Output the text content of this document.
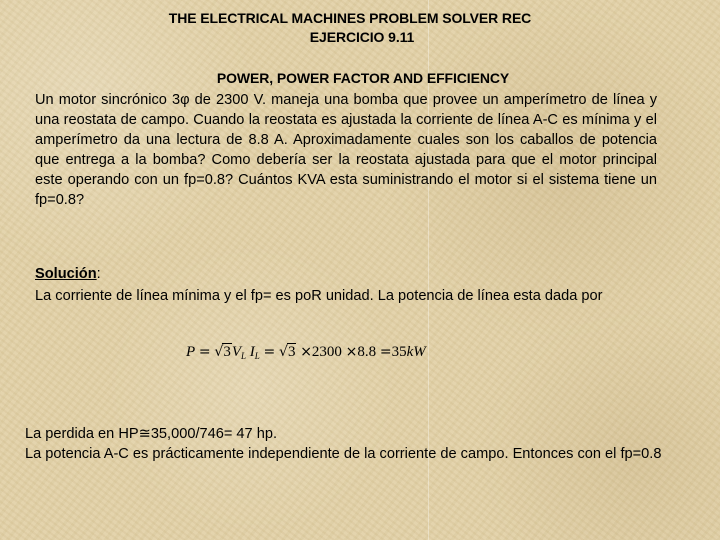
THE ELECTRICAL MACHINES PROBLEM SOLVER REC
EJERCICIO 9.11
POWER, POWER FACTOR AND EFFICIENCY

Un motor sincrónico 3φ de 2300 V. maneja una bomba que provee un amperímetro de línea y una reostata de campo. Cuando la reostata es ajustada la corriente de línea A-C es mínima y el amperímetro da una lectura de 8.8 A. Aproximadamente cuales son los caballos de potencia que entrega a la bomba? Como debería ser la reostata ajustada para que el motor principal este operando con un fp=0.8? Cuántos KVA esta suministrando el motor si el sistema tiene un fp=0.8?

Solución:

La corriente de línea mínima y el fp= es poR unidad. La potencia de línea esta dada por

$P = √3V_L$ $I_L = √3 \times 2300 \times 8.8 =35kW$

La perdida en HP≅35,000/746= 47 hp.

La potencia A-C es prácticamente independiente de la corriente de campo. Entonces con el fp=0.8
